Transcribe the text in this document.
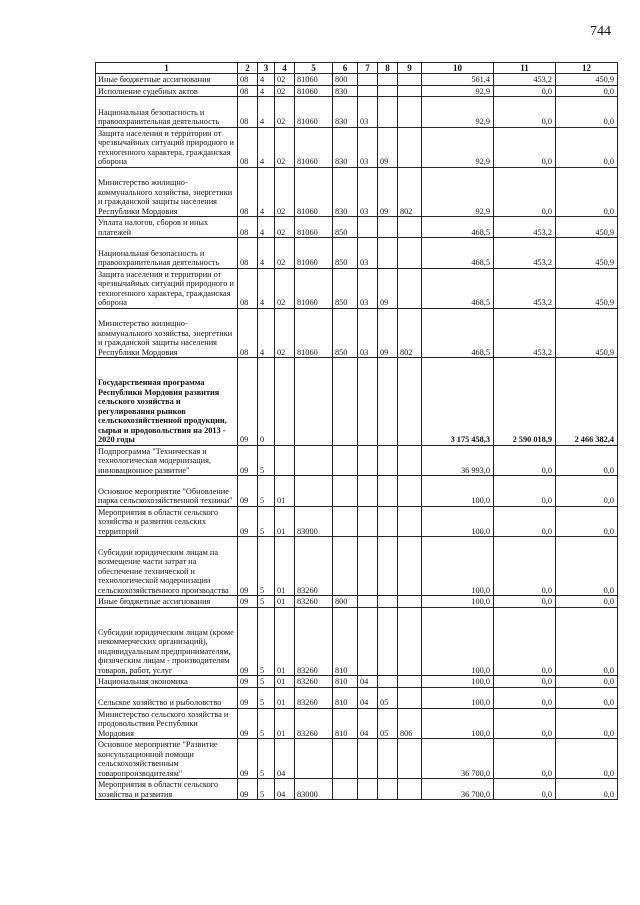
744
1	2	3	4	5	6	7	8	9	10	11	12
Иные бюджетные ассигнования	08	4	02	81060	800				561,4	453,2	450,9
Исполнение судебных актов	08	4	02	81060	830				92,9	0,0	0,0
Национальная безопасность и правоохранительная деятельность	08	4	02	81060	830	03			92,9	0,0	0,0
Защита населения и территории от чрезвычайных ситуаций природного и техногенного характера, гражданская оборона	08	4	02	81060	830	03	09		92,9	0,0	0,0
Министерство жилищно-коммунального хозяйства, энергетики и гражданской защиты населения Республики Мордовия	08	4	02	81060	830	03	09	802	92,9	0,0	0,0
Уплата налогов, сборов и иных платежей	08	4	02	81060	850				468,5	453,2	450,9
Национальная безопасность и правоохранительная деятельность	08	4	02	81060	850	03			468,5	453,2	450,9
Защита населения и территории от чрезвычайных ситуаций природного и техногенного характера, гражданская оборона	08	4	02	81060	850	03	09		468,5	453,2	450,9
Министерство жилищно-коммунального хозяйства, энергетики и гражданской защиты населения Республики Мордовия	08	4	02	81060	850	03	09	802	468,5	453,2	450,9
Государственная программа Республики Мордовия развития сельского хозяйства и регулирования рынков сельскохозяйственной продукции, сырья и продовольствия на 2013 - 2020 годы	09	0							3 175 458,3	2 590 018,9	2 466 382,4
Подпрограмма "Техническая и технологическая модернизация, инновационное развитие"	09	5							36 993,0	0,0	0,0
Основное мероприятие "Обновление парка сельскохозяйственной техники"	09	5	01						100,0	0,0	0,0
Мероприятия в области сельского хозяйства и развития сельских территорий	09	5	01	83000					100,0	0,0	0,0
Субсидии юридическим лицам на возмещение части затрат на обеспечение технической и технологической модернизации сельскохозяйственного производства	09	5	01	83260					100,0	0,0	0,0
Иные бюджетные ассигнования	09	5	01	83260	800				100,0	0,0	0,0
Субсидии юридическим лицам (кроме некоммерческих организаций), индивидуальным предпринимателям, физическим лицам - производителям товаров, работ, услуг	09	5	01	83260	810				100,0	0,0	0,0
Национальная экономика	09	5	01	83260	810	04			100,0	0,0	0,0
Сельское хозяйство и рыболовство	09	5	01	83260	810	04	05		100,0	0,0	0,0
Министерство сельского хозяйства и продовольствия Республики Мордовия	09	5	01	83260	810	04	05	806	100,0	0,0	0,0
Основное мероприятие "Развитие консультационной помощи сельскохозяйственным товаропроизводителям"	09	5	04						36 700,0	0,0	0,0
Мероприятия в области сельского хозяйства и развития	09	5	04	83000					36 700,0	0,0	0,0
